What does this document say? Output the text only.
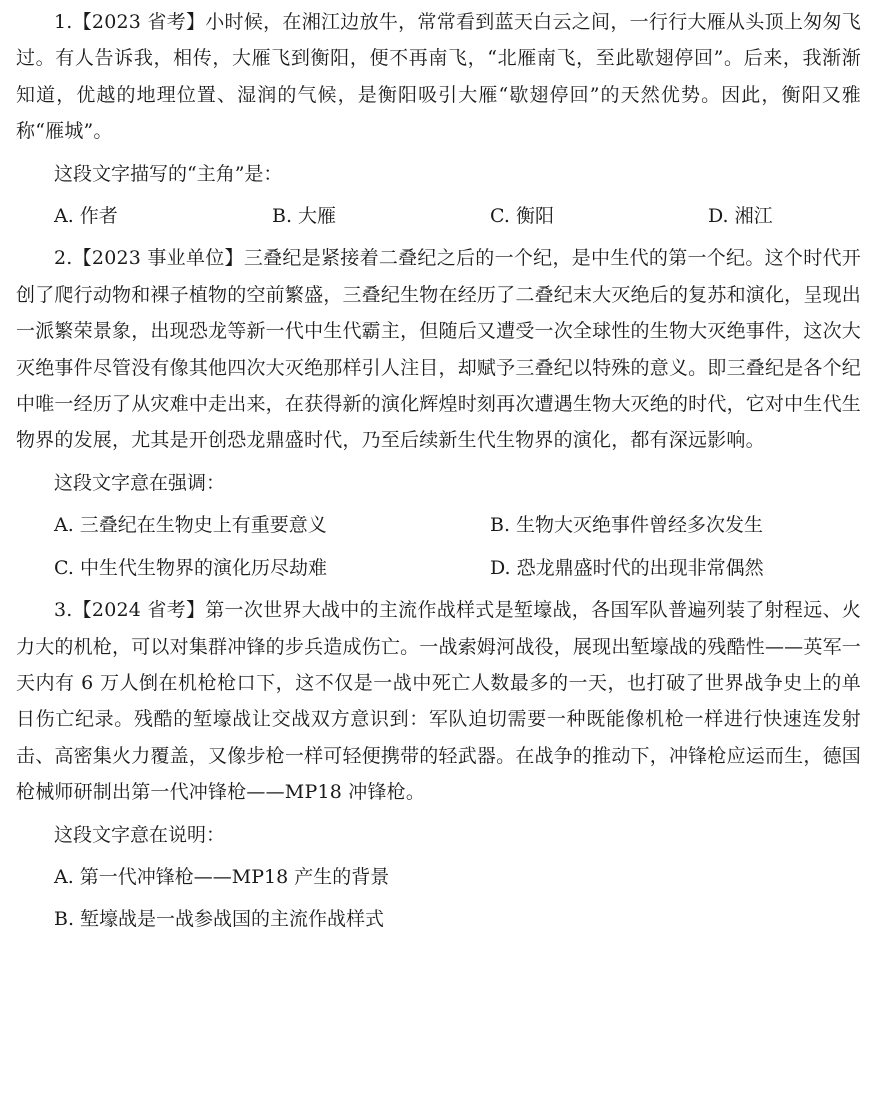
1.【2023 省考】小时候，在湘江边放牛，常常看到蓝天白云之间，一行行大雁从头顶上匆匆飞过。有人告诉我，相传，大雁飞到衡阳，便不再南飞，“北雁南飞，至此歇翅停回”。后来，我渐渐知道，优越的地理位置、湿润的气候，是衡阳吸引大雁“歇翅停回”的天然优势。因此，衡阳又雅称“雁城”。

这段文字描写的“主角”是：

A. 作者	B. 大雁	C. 衡阳	D. 湘江

2.【2023 事业单位】三叠纪是紧接着二叠纪之后的一个纪，是中生代的第一个纪。这个时代开创了爬行动物和裸子植物的空前繁盛，三叠纪生物在经历了二叠纪末大灭绝后的复苏和演化，呈现出一派繁荣景象，出现恐龙等新一代中生代霸主，但随后又遭受一次全球性的生物大灭绝事件，这次大灭绝事件尽管没有像其他四次大灭绝那样引人注目，却赋予三叠纪以特殊的意义。即三叠纪是各个纪中唯一经历了从灾难中走出来，在获得新的演化辉煌时刻再次遭遇生物大灭绝的时代，它对中生代生物界的发展，尤其是开创恐龙鼎盛时代，乃至后续新生代生物界的演化，都有深远影响。

这段文字意在强调：

A. 三叠纪在生物史上有重要意义	B. 生物大灭绝事件曾经多次发生
C. 中生代生物界的演化历尽劫难	D. 恐龙鼎盛时代的出现非常偶然

3.【2024 省考】第一次世界大战中的主流作战样式是堑壕战，各国军队普遍列装了射程远、火力大的机枪，可以对集群冲锋的步兵造成伤亡。一战索姆河战役，展现出堑壕战的残酷性——英军一天内有 6 万人倒在机枪枪口下，这不仅是一战中死亡人数最多的一天，也打破了世界战争史上的单日伤亡纪录。残酷的堑壕战让交战双方意识到：军队迫切需要一种既能像机枪一样进行快速连发射击、高密集火力覆盖，又像步枪一样可轻便携带的轻武器。在战争的推动下，冲锋枪应运而生，德国枪械师研制出第一代冲锋枪——MP18 冲锋枪。

这段文字意在说明：

A. 第一代冲锋枪——MP18 产生的背景
B. 堑壕战是一战参战国的主流作战样式
